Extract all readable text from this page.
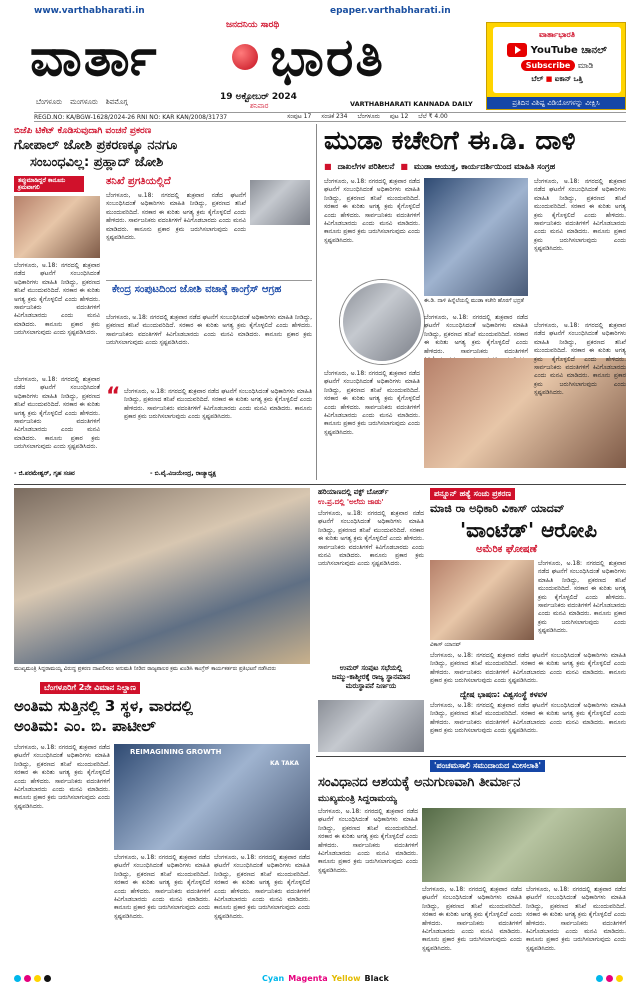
www.varthabharati.in	epaper.varthabharati.in
ಜನದನಿಯ ಸಾರಥಿ
ವಾರ್ತಾ ಭಾರತಿ
19 ಅಕ್ಟೋಬರ್ 2024
ಶನಿವಾರ
ಬೆಂಗಳೂರು ಮಂಗಳೂರು ಶಿವಮೊಗ್ಗ	VARTHABHARATI KANNADA DAILY
ವಾರ್ತಾಭಾರತಿ
YouTube ಚಾನಲ್
Subscribe ಮಾಡಿ
ಬೆಲ್ ■ ಐಕಾನ್ ಒತ್ತಿ
ಪ್ರತಿದಿನ ವಿಶಿಷ್ಟ ವಿಡಿಯೋಗಳನ್ನು ವೀಕ್ಷಿಸಿ
REGD.NO: KA/BGW-1628/2024-26 RNI NO: KAR KAN/2008/31737	ಸಂಪುಟ 17 ಸಂಚಿಕೆ 234 ಬೆಂಗಳೂರು ಪುಟ 12 ಬೆಲೆ ₹ 4.00
ಬಿಜೆಪಿ ಟಿಕೆಟ್ ಕೊಡಿಸುವುದಾಗಿ ವಂಚನೆ ಪ್ರಕರಣ
ಗೋಪಾಲ್ ಜೋಶಿ ಪ್ರಕರಣಕ್ಕೂ ನನಗೂ
ಸಂಬಂಧವಿಲ್ಲ: ಪ್ರಹ್ಲಾದ್ ಜೋಶಿ
ತಪ್ಪುಮಾಡಿದ್ದರೆ ಕಾನೂನು ಕ್ರಮವಾಗಲಿ
ಬೆಂಗಳೂರು, ಅ.18: ನಗರದಲ್ಲಿ ಶುಕ್ರವಾರ ನಡೆದ ಘಟನೆಗೆ ಸಂಬಂಧಿಸಿದಂತೆ ಅಧಿಕಾರಿಗಳು ಮಾಹಿತಿ ನೀಡಿದ್ದು, ಪ್ರಕರಣದ ತನಿಖೆ ಮುಂದುವರಿದಿದೆ. ಸರಕಾರ ಈ ಕುರಿತು ಅಗತ್ಯ ಕ್ರಮ ಕೈಗೊಳ್ಳಲಿದೆ ಎಂದು ಹೇಳಿದರು. ಸಾರ್ವಜನಿಕರು ವದಂತಿಗಳಿಗೆ ಕಿವಿಗೊಡಬಾರದು ಎಂದು ಮನವಿ ಮಾಡಿದರು. ಕಾನೂನು ಪ್ರಕಾರ ಕ್ರಮ ಜರುಗಿಸಲಾಗುವುದು ಎಂದು ಸ್ಪಷ್ಟಪಡಿಸಿದರು.
ತನಿಖೆ ಪ್ರಗತಿಯಲ್ಲಿದೆ
ಬೆಂಗಳೂರು, ಅ.18: ನಗರದಲ್ಲಿ ಶುಕ್ರವಾರ ನಡೆದ ಘಟನೆಗೆ ಸಂಬಂಧಿಸಿದಂತೆ ಅಧಿಕಾರಿಗಳು ಮಾಹಿತಿ ನೀಡಿದ್ದು, ಪ್ರಕರಣದ ತನಿಖೆ ಮುಂದುವರಿದಿದೆ. ಸರಕಾರ ಈ ಕುರಿತು ಅಗತ್ಯ ಕ್ರಮ ಕೈಗೊಳ್ಳಲಿದೆ ಎಂದು ಹೇಳಿದರು. ಸಾರ್ವಜನಿಕರು ವದಂತಿಗಳಿಗೆ ಕಿವಿಗೊಡಬಾರದು ಎಂದು ಮನವಿ ಮಾಡಿದರು. ಕಾನೂನು ಪ್ರಕಾರ ಕ್ರಮ ಜರುಗಿಸಲಾಗುವುದು ಎಂದು ಸ್ಪಷ್ಟಪಡಿಸಿದರು.
ಕೇಂದ್ರ ಸಂಪುಟದಿಂದ ಜೋಶಿ ವಜಾಕ್ಕೆ ಕಾಂಗ್ರೆಸ್ ಆಗ್ರಹ
ಬೆಂಗಳೂರು, ಅ.18: ನಗರದಲ್ಲಿ ಶುಕ್ರವಾರ ನಡೆದ ಘಟನೆಗೆ ಸಂಬಂಧಿಸಿದಂತೆ ಅಧಿಕಾರಿಗಳು ಮಾಹಿತಿ ನೀಡಿದ್ದು, ಪ್ರಕರಣದ ತನಿಖೆ ಮುಂದುವರಿದಿದೆ. ಸರಕಾರ ಈ ಕುರಿತು ಅಗತ್ಯ ಕ್ರಮ ಕೈಗೊಳ್ಳಲಿದೆ ಎಂದು ಹೇಳಿದರು. ಸಾರ್ವಜನಿಕರು ವದಂತಿಗಳಿಗೆ ಕಿವಿಗೊಡಬಾರದು ಎಂದು ಮನವಿ ಮಾಡಿದರು. ಕಾನೂನು ಪ್ರಕಾರ ಕ್ರಮ ಜರುಗಿಸಲಾಗುವುದು ಎಂದು ಸ್ಪಷ್ಟಪಡಿಸಿದರು.
ಬೆಂಗಳೂರು, ಅ.18: ನಗರದಲ್ಲಿ ಶುಕ್ರವಾರ ನಡೆದ ಘಟನೆಗೆ ಸಂಬಂಧಿಸಿದಂತೆ ಅಧಿಕಾರಿಗಳು ಮಾಹಿತಿ ನೀಡಿದ್ದು, ಪ್ರಕರಣದ ತನಿಖೆ ಮುಂದುವರಿದಿದೆ. ಸರಕಾರ ಈ ಕುರಿತು ಅಗತ್ಯ ಕ್ರಮ ಕೈಗೊಳ್ಳಲಿದೆ ಎಂದು ಹೇಳಿದರು. ಸಾರ್ವಜನಿಕರು ವದಂತಿಗಳಿಗೆ ಕಿವಿಗೊಡಬಾರದು ಎಂದು ಮನವಿ ಮಾಡಿದರು. ಕಾನೂನು ಪ್ರಕಾರ ಕ್ರಮ ಜರುಗಿಸಲಾಗುವುದು ಎಂದು ಸ್ಪಷ್ಟಪಡಿಸಿದರು.
- ಜಿ.ಪರಮೇಶ್ವರ್, ಗೃಹ ಸಚಿವ
“ ಬೆಂಗಳೂರು, ಅ.18: ನಗರದಲ್ಲಿ ಶುಕ್ರವಾರ ನಡೆದ ಘಟನೆಗೆ ಸಂಬಂಧಿಸಿದಂತೆ ಅಧಿಕಾರಿಗಳು ಮಾಹಿತಿ ನೀಡಿದ್ದು, ಪ್ರಕರಣದ ತನಿಖೆ ಮುಂದುವರಿದಿದೆ. ಸರಕಾರ ಈ ಕುರಿತು ಅಗತ್ಯ ಕ್ರಮ ಕೈಗೊಳ್ಳಲಿದೆ ಎಂದು ಹೇಳಿದರು. ಸಾರ್ವಜನಿಕರು ವದಂತಿಗಳಿಗೆ ಕಿವಿಗೊಡಬಾರದು ಎಂದು ಮನವಿ ಮಾಡಿದರು. ಕಾನೂನು ಪ್ರಕಾರ ಕ್ರಮ ಜರುಗಿಸಲಾಗುವುದು ಎಂದು ಸ್ಪಷ್ಟಪಡಿಸಿದರು.
- ಬಿ.ವೈ.ವಿಜಯೇಂದ್ರ, ರಾಜ್ಯಾಧ್ಯಕ್ಷ
ಮುಡಾ ಕಚೇರಿಗೆ ಈ.ಡಿ. ದಾಳಿ
■ ದಾಖಲೆಗಳ ಪರಿಶೀಲನೆ ■ ಮುಡಾ ಆಯುಕ್ತ, ಕಾರ್ಯದರ್ಶಿಯಿಂದ ಮಾಹಿತಿ ಸಂಗ್ರಹ
ಬೆಂಗಳೂರು, ಅ.18: ನಗರದಲ್ಲಿ ಶುಕ್ರವಾರ ನಡೆದ ಘಟನೆಗೆ ಸಂಬಂಧಿಸಿದಂತೆ ಅಧಿಕಾರಿಗಳು ಮಾಹಿತಿ ನೀಡಿದ್ದು, ಪ್ರಕರಣದ ತನಿಖೆ ಮುಂದುವರಿದಿದೆ. ಸರಕಾರ ಈ ಕುರಿತು ಅಗತ್ಯ ಕ್ರಮ ಕೈಗೊಳ್ಳಲಿದೆ ಎಂದು ಹೇಳಿದರು. ಸಾರ್ವಜನಿಕರು ವದಂತಿಗಳಿಗೆ ಕಿವಿಗೊಡಬಾರದು ಎಂದು ಮನವಿ ಮಾಡಿದರು. ಕಾನೂನು ಪ್ರಕಾರ ಕ್ರಮ ಜರುಗಿಸಲಾಗುವುದು ಎಂದು ಸ್ಪಷ್ಟಪಡಿಸಿದರು.
ಈ.ಡಿ. ದಾಳಿ ಹಿನ್ನೆಲೆಯಲ್ಲಿ ಮುಡಾ ಕಚೇರಿ ಹೊರಗೆ ಭದ್ರತೆ
ಬೆಂಗಳೂರು, ಅ.18: ನಗರದಲ್ಲಿ ಶುಕ್ರವಾರ ನಡೆದ ಘಟನೆಗೆ ಸಂಬಂಧಿಸಿದಂತೆ ಅಧಿಕಾರಿಗಳು ಮಾಹಿತಿ ನೀಡಿದ್ದು, ಪ್ರಕರಣದ ತನಿಖೆ ಮುಂದುವರಿದಿದೆ. ಸರಕಾರ ಈ ಕುರಿತು ಅಗತ್ಯ ಕ್ರಮ ಕೈಗೊಳ್ಳಲಿದೆ ಎಂದು ಹೇಳಿದರು. ಸಾರ್ವಜನಿಕರು ವದಂತಿಗಳಿಗೆ ಕಿವಿಗೊಡಬಾರದು ಎಂದು ಮನವಿ ಮಾಡಿದರು. ಕಾನೂನು ಪ್ರಕಾರ ಕ್ರಮ ಜರುಗಿಸಲಾಗುವುದು ಎಂದು ಸ್ಪಷ್ಟಪಡಿಸಿದರು.
ಬೆಂಗಳೂರು, ಅ.18: ನಗರದಲ್ಲಿ ಶುಕ್ರವಾರ ನಡೆದ ಘಟನೆಗೆ ಸಂಬಂಧಿಸಿದಂತೆ ಅಧಿಕಾರಿಗಳು ಮಾಹಿತಿ ನೀಡಿದ್ದು, ಪ್ರಕರಣದ ತನಿಖೆ ಮುಂದುವರಿದಿದೆ. ಸರಕಾರ ಈ ಕುರಿತು ಅಗತ್ಯ ಕ್ರಮ ಕೈಗೊಳ್ಳಲಿದೆ ಎಂದು ಹೇಳಿದರು. ಸಾರ್ವಜನಿಕರು ವದಂತಿಗಳಿಗೆ ಕಿವಿಗೊಡಬಾರದು ಎಂದು ಮನವಿ ಮಾಡಿದರು. ಕಾನೂನು ಪ್ರಕಾರ ಕ್ರಮ ಜರುಗಿಸಲಾಗುವುದು ಎಂದು ಸ್ಪಷ್ಟಪಡಿಸಿದರು.
ಬೆಂಗಳೂರು, ಅ.18: ನಗರದಲ್ಲಿ ಶುಕ್ರವಾರ ನಡೆದ ಘಟನೆಗೆ ಸಂಬಂಧಿಸಿದಂತೆ ಅಧಿಕಾರಿಗಳು ಮಾಹಿತಿ ನೀಡಿದ್ದು, ಪ್ರಕರಣದ ತನಿಖೆ ಮುಂದುವರಿದಿದೆ. ಸರಕಾರ ಈ ಕುರಿತು ಅಗತ್ಯ ಕ್ರಮ ಕೈಗೊಳ್ಳಲಿದೆ ಎಂದು ಹೇಳಿದರು. ಸಾರ್ವಜನಿಕರು ವದಂತಿಗಳಿಗೆ
ಬೆಂಗಳೂರು, ಅ.18: ನಗರದಲ್ಲಿ ಶುಕ್ರವಾರ ನಡೆದ ಘಟನೆಗೆ ಸಂಬಂಧಿಸಿದಂತೆ ಅಧಿಕಾರಿಗಳು ಮಾಹಿತಿ ನೀಡಿದ್ದು, ಪ್ರಕರಣದ ತನಿಖೆ ಮುಂದುವರಿದಿದೆ. ಸರಕಾರ ಈ ಕುರಿತು ಅಗತ್ಯ ಕ್ರಮ ಕೈಗೊಳ್ಳಲಿದೆ ಎಂದು ಹೇಳಿದರು. ಸಾರ್ವಜನಿಕರು ವದಂತಿಗಳಿಗೆ ಕಿವಿಗೊಡಬಾರದು ಎಂದು ಮನವಿ ಮಾಡಿದರು. ಕಾನೂನು ಪ್ರಕಾರ ಕ್ರಮ ಜರುಗಿಸಲಾಗುವುದು ಎಂದು ಸ್ಪಷ್ಟಪಡಿಸಿದರು.
ಮುಖ್ಯಮಂತ್ರಿ ಸಿದ್ದರಾಮಯ್ಯ ವಿರುದ್ಧ ಪ್ರಕರಣ ದಾಖಲಿಸಲು ಅನುಮತಿ ನೀಡಿದ ರಾಜ್ಯಪಾಲರ ಕ್ರಮ ಖಂಡಿಸಿ ಕಾಂಗ್ರೆಸ್ ಕಾರ್ಯಕರ್ತರು ಪ್ರತಿಭಟನೆ ನಡೆಸಿದರು
ಹರಿಯಾಣದಲ್ಲಿ ವಕ್ಫ್ ಬೋರ್ಡ್
ಉ.ಪ್ರ.ದಲ್ಲಿ 'ಅಲೆದು ಜಾಡು'
ಬೆಂಗಳೂರು, ಅ.18: ನಗರದಲ್ಲಿ ಶುಕ್ರವಾರ ನಡೆದ ಘಟನೆಗೆ ಸಂಬಂಧಿಸಿದಂತೆ ಅಧಿಕಾರಿಗಳು ಮಾಹಿತಿ ನೀಡಿದ್ದು, ಪ್ರಕರಣದ ತನಿಖೆ ಮುಂದುವರಿದಿದೆ. ಸರಕಾರ ಈ ಕುರಿತು ಅಗತ್ಯ ಕ್ರಮ ಕೈಗೊಳ್ಳಲಿದೆ ಎಂದು ಹೇಳಿದರು. ಸಾರ್ವಜನಿಕರು ವದಂತಿಗಳಿಗೆ ಕಿವಿಗೊಡಬಾರದು ಎಂದು ಮನವಿ ಮಾಡಿದರು. ಕಾನೂನು ಪ್ರಕಾರ ಕ್ರಮ ಜರುಗಿಸಲಾಗುವುದು ಎಂದು ಸ್ಪಷ್ಟಪಡಿಸಿದರು.
ಉಮರ್ ಸಂಪುಟ ಸಭೆಯಲ್ಲಿ
ಜಮ್ಮು-ಕಾಶ್ಮೀರಕ್ಕೆ ರಾಜ್ಯ ಸ್ಥಾನಮಾನ
ಮರುಸ್ಥಾಪನೆ ನಿರ್ಣಯ
ಪನ್ನೂನ್ ಹತ್ಯೆ ಸಂಚು ಪ್ರಕರಣ
ಮಾಜಿ ರಾ ಅಧಿಕಾರಿ ವಿಕಾಸ್ ಯಾದವ್
'ವಾಂಟೆಡ್' ಆರೋಪಿ
ಅಮೆರಿಕ ಘೋಷಣೆ
ವಿಕಾಸ್ ಯಾದವ್
ಬೆಂಗಳೂರು, ಅ.18: ನಗರದಲ್ಲಿ ಶುಕ್ರವಾರ ನಡೆದ ಘಟನೆಗೆ ಸಂಬಂಧಿಸಿದಂತೆ ಅಧಿಕಾರಿಗಳು ಮಾಹಿತಿ ನೀಡಿದ್ದು, ಪ್ರಕರಣದ ತನಿಖೆ ಮುಂದುವರಿದಿದೆ. ಸರಕಾರ ಈ ಕುರಿತು ಅಗತ್ಯ ಕ್ರಮ ಕೈಗೊಳ್ಳಲಿದೆ ಎಂದು ಹೇಳಿದರು. ಸಾರ್ವಜನಿಕರು ವದಂತಿಗಳಿಗೆ ಕಿವಿಗೊಡಬಾರದು ಎಂದು ಮನವಿ ಮಾಡಿದರು. ಕಾನೂನು ಪ್ರಕಾರ ಕ್ರಮ ಜರುಗಿಸಲಾಗುವುದು ಎಂದು ಸ್ಪಷ್ಟಪಡಿಸಿದರು.
ಬೆಂಗಳೂರು, ಅ.18: ನಗರದಲ್ಲಿ ಶುಕ್ರವಾರ ನಡೆದ ಘಟನೆಗೆ ಸಂಬಂಧಿಸಿದಂತೆ ಅಧಿಕಾರಿಗಳು ಮಾಹಿತಿ ನೀಡಿದ್ದು, ಪ್ರಕರಣದ ತನಿಖೆ ಮುಂದುವರಿದಿದೆ. ಸರಕಾರ ಈ ಕುರಿತು ಅಗತ್ಯ ಕ್ರಮ ಕೈಗೊಳ್ಳಲಿದೆ ಎಂದು ಹೇಳಿದರು. ಸಾರ್ವಜನಿಕರು ವದಂತಿಗಳಿಗೆ ಕಿವಿಗೊಡಬಾರದು ಎಂದು ಮನವಿ ಮಾಡಿದರು. ಕಾನೂನು ಪ್ರಕಾರ ಕ್ರಮ ಜರುಗಿಸಲಾಗುವುದು ಎಂದು ಸ್ಪಷ್ಟಪಡಿಸಿದರು.
ದ್ವೇಷ ಭಾಷಣ: ವಿಶ್ವಸಂಸ್ಥೆ ಕಳವಳ
ಬೆಂಗಳೂರು, ಅ.18: ನಗರದಲ್ಲಿ ಶುಕ್ರವಾರ ನಡೆದ ಘಟನೆಗೆ ಸಂಬಂಧಿಸಿದಂತೆ ಅಧಿಕಾರಿಗಳು ಮಾಹಿತಿ ನೀಡಿದ್ದು, ಪ್ರಕರಣದ ತನಿಖೆ ಮುಂದುವರಿದಿದೆ. ಸರಕಾರ ಈ ಕುರಿತು ಅಗತ್ಯ ಕ್ರಮ ಕೈಗೊಳ್ಳಲಿದೆ ಎಂದು ಹೇಳಿದರು. ಸಾರ್ವಜನಿಕರು ವದಂತಿಗಳಿಗೆ ಕಿವಿಗೊಡಬಾರದು ಎಂದು ಮನವಿ ಮಾಡಿದರು. ಕಾನೂನು ಪ್ರಕಾರ ಕ್ರಮ ಜರುಗಿಸಲಾಗುವುದು ಎಂದು ಸ್ಪಷ್ಟಪಡಿಸಿದರು.
ಬೆಂಗಳೂರಿಗೆ 2ನೇ ವಿಮಾನ ನಿಲ್ದಾಣ
ಅಂತಿಮ ಸುತ್ತಿನಲ್ಲಿ 3 ಸ್ಥಳ, ವಾರದಲ್ಲಿ
ಅಂತಿಮ: ಎಂ. ಬಿ. ಪಾಟೀಲ್
ಬೆಂಗಳೂರು, ಅ.18: ನಗರದಲ್ಲಿ ಶುಕ್ರವಾರ ನಡೆದ ಘಟನೆಗೆ ಸಂಬಂಧಿಸಿದಂತೆ ಅಧಿಕಾರಿಗಳು ಮಾಹಿತಿ ನೀಡಿದ್ದು, ಪ್ರಕರಣದ ತನಿಖೆ ಮುಂದುವರಿದಿದೆ. ಸರಕಾರ ಈ ಕುರಿತು ಅಗತ್ಯ ಕ್ರಮ ಕೈಗೊಳ್ಳಲಿದೆ ಎಂದು ಹೇಳಿದರು. ಸಾರ್ವಜನಿಕರು ವದಂತಿಗಳಿಗೆ ಕಿವಿಗೊಡಬಾರದು ಎಂದು ಮನವಿ ಮಾಡಿದರು. ಕಾನೂನು ಪ್ರಕಾರ ಕ್ರಮ ಜರುಗಿಸಲಾಗುವುದು ಎಂದು ಸ್ಪಷ್ಟಪಡಿಸಿದರು.
REIMAGINING GROWTH
KA TAKA
ಬೆಂಗಳೂರು, ಅ.18: ನಗರದಲ್ಲಿ ಶುಕ್ರವಾರ ನಡೆದ ಘಟನೆಗೆ ಸಂಬಂಧಿಸಿದಂತೆ ಅಧಿಕಾರಿಗಳು ಮಾಹಿತಿ ನೀಡಿದ್ದು, ಪ್ರಕರಣದ ತನಿಖೆ ಮುಂದುವರಿದಿದೆ. ಸರಕಾರ ಈ ಕುರಿತು ಅಗತ್ಯ ಕ್ರಮ ಕೈಗೊಳ್ಳಲಿದೆ ಎಂದು ಹೇಳಿದರು. ಸಾರ್ವಜನಿಕರು ವದಂತಿಗಳಿಗೆ ಕಿವಿಗೊಡಬಾರದು ಎಂದು ಮನವಿ ಮಾಡಿದರು. ಕಾನೂನು ಪ್ರಕಾರ ಕ್ರಮ ಜರುಗಿಸಲಾಗುವುದು ಎಂದು ಸ್ಪಷ್ಟಪಡಿಸಿದರು.
ಬೆಂಗಳೂರು, ಅ.18: ನಗರದಲ್ಲಿ ಶುಕ್ರವಾರ ನಡೆದ ಘಟನೆಗೆ ಸಂಬಂಧಿಸಿದಂತೆ ಅಧಿಕಾರಿಗಳು ಮಾಹಿತಿ ನೀಡಿದ್ದು, ಪ್ರಕರಣದ ತನಿಖೆ ಮುಂದುವರಿದಿದೆ. ಸರಕಾರ ಈ ಕುರಿತು ಅಗತ್ಯ ಕ್ರಮ ಕೈಗೊಳ್ಳಲಿದೆ ಎಂದು ಹೇಳಿದರು. ಸಾರ್ವಜನಿಕರು ವದಂತಿಗಳಿಗೆ ಕಿವಿಗೊಡಬಾರದು ಎಂದು ಮನವಿ ಮಾಡಿದರು. ಕಾನೂನು ಪ್ರಕಾರ ಕ್ರಮ ಜರುಗಿಸಲಾಗುವುದು ಎಂದು ಸ್ಪಷ್ಟಪಡಿಸಿದರು.
'ಪಂಚಮಸಾಲಿ ಸಮುದಾಯದ ಮೀಸಲಾತಿ'
ಸಂವಿಧಾನದ ಆಶಯಕ್ಕೆ ಅನುಗುಣವಾಗಿ ತೀರ್ಮಾನ
ಮುಖ್ಯಮಂತ್ರಿ ಸಿದ್ದರಾಮಯ್ಯ
ಬೆಂಗಳೂರು, ಅ.18: ನಗರದಲ್ಲಿ ಶುಕ್ರವಾರ ನಡೆದ ಘಟನೆಗೆ ಸಂಬಂಧಿಸಿದಂತೆ ಅಧಿಕಾರಿಗಳು ಮಾಹಿತಿ ನೀಡಿದ್ದು, ಪ್ರಕರಣದ ತನಿಖೆ ಮುಂದುವರಿದಿದೆ. ಸರಕಾರ ಈ ಕುರಿತು ಅಗತ್ಯ ಕ್ರಮ ಕೈಗೊಳ್ಳಲಿದೆ ಎಂದು ಹೇಳಿದರು. ಸಾರ್ವಜನಿಕರು ವದಂತಿಗಳಿಗೆ ಕಿವಿಗೊಡಬಾರದು ಎಂದು ಮನವಿ ಮಾಡಿದರು. ಕಾನೂನು ಪ್ರಕಾರ ಕ್ರಮ ಜರುಗಿಸಲಾಗುವುದು ಎಂದು ಸ್ಪಷ್ಟಪಡಿಸಿದರು.
ಬೆಂಗಳೂರು, ಅ.18: ನಗರದಲ್ಲಿ ಶುಕ್ರವಾರ ನಡೆದ ಘಟನೆಗೆ ಸಂಬಂಧಿಸಿದಂತೆ ಅಧಿಕಾರಿಗಳು ಮಾಹಿತಿ ನೀಡಿದ್ದು, ಪ್ರಕರಣದ ತನಿಖೆ ಮುಂದುವರಿದಿದೆ. ಸರಕಾರ ಈ ಕುರಿತು ಅಗತ್ಯ ಕ್ರಮ ಕೈಗೊಳ್ಳಲಿದೆ ಎಂದು ಹೇಳಿದರು. ಸಾರ್ವಜನಿಕರು ವದಂತಿಗಳಿಗೆ ಕಿವಿಗೊಡಬಾರದು ಎಂದು ಮನವಿ ಮಾಡಿದರು. ಕಾನೂನು ಪ್ರಕಾರ ಕ್ರಮ ಜರುಗಿಸಲಾಗುವುದು ಎಂದು ಸ್ಪಷ್ಟಪಡಿಸಿದರು.
ಬೆಂಗಳೂರು, ಅ.18: ನಗರದಲ್ಲಿ ಶುಕ್ರವಾರ ನಡೆದ ಘಟನೆಗೆ ಸಂಬಂಧಿಸಿದಂತೆ ಅಧಿಕಾರಿಗಳು ಮಾಹಿತಿ ನೀಡಿದ್ದು, ಪ್ರಕರಣದ ತನಿಖೆ ಮುಂದುವರಿದಿದೆ. ಸರಕಾರ ಈ ಕುರಿತು ಅಗತ್ಯ ಕ್ರಮ ಕೈಗೊಳ್ಳಲಿದೆ ಎಂದು ಹೇಳಿದರು. ಸಾರ್ವಜನಿಕರು ವದಂತಿಗಳಿಗೆ ಕಿವಿಗೊಡಬಾರದು ಎಂದು ಮನವಿ ಮಾಡಿದರು. ಕಾನೂನು ಪ್ರಕಾರ ಕ್ರಮ ಜರುಗಿಸಲಾಗುವುದು ಎಂದು ಸ್ಪಷ್ಟಪಡಿಸಿದರು.
Cyan Magenta Yellow Black
